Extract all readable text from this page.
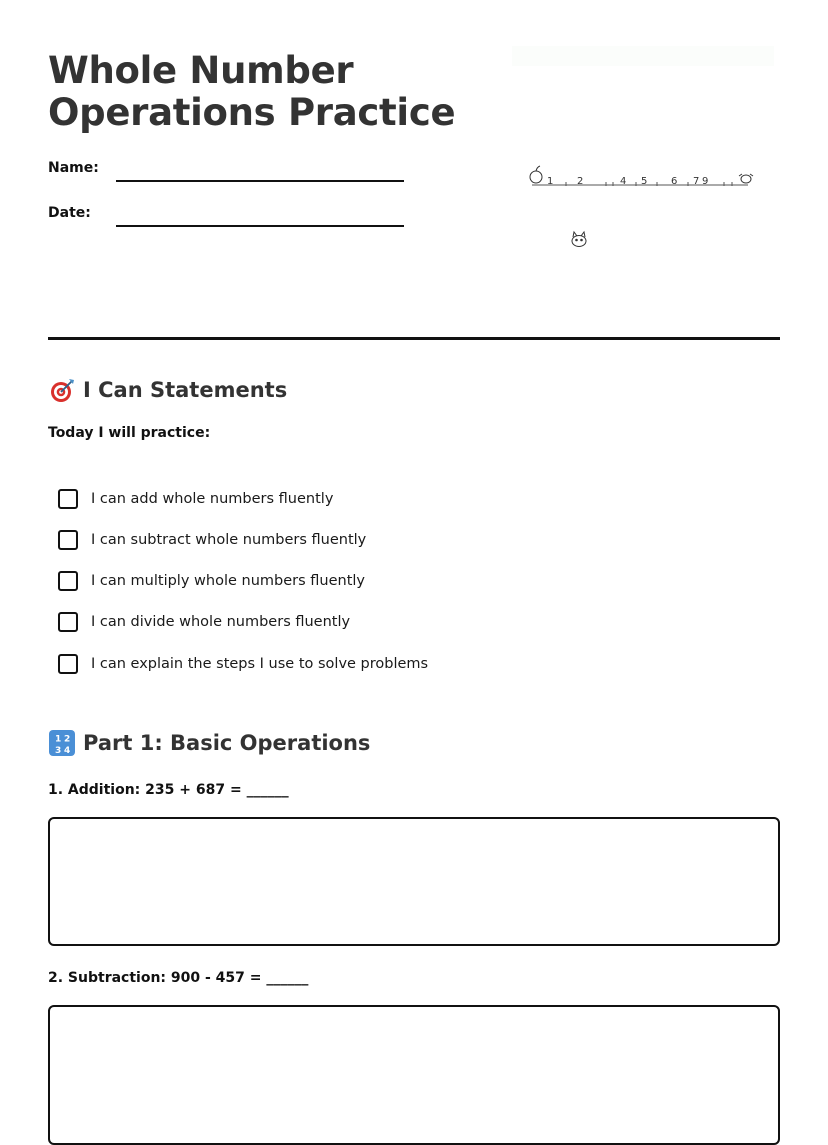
Whole Number
Operations Practice
Name:
Date:
1 2	4 5 6 7 9
I Can Statements
Today I will practice:
I can add whole numbers fluently
I can subtract whole numbers fluently
I can multiply whole numbers fluently
I can divide whole numbers fluently
I can explain the steps I use to solve problems
1 2
3 4 Part 1: Basic Operations
1. Addition: 235 + 687 = ______
2. Subtraction: 900 - 457 = ______
